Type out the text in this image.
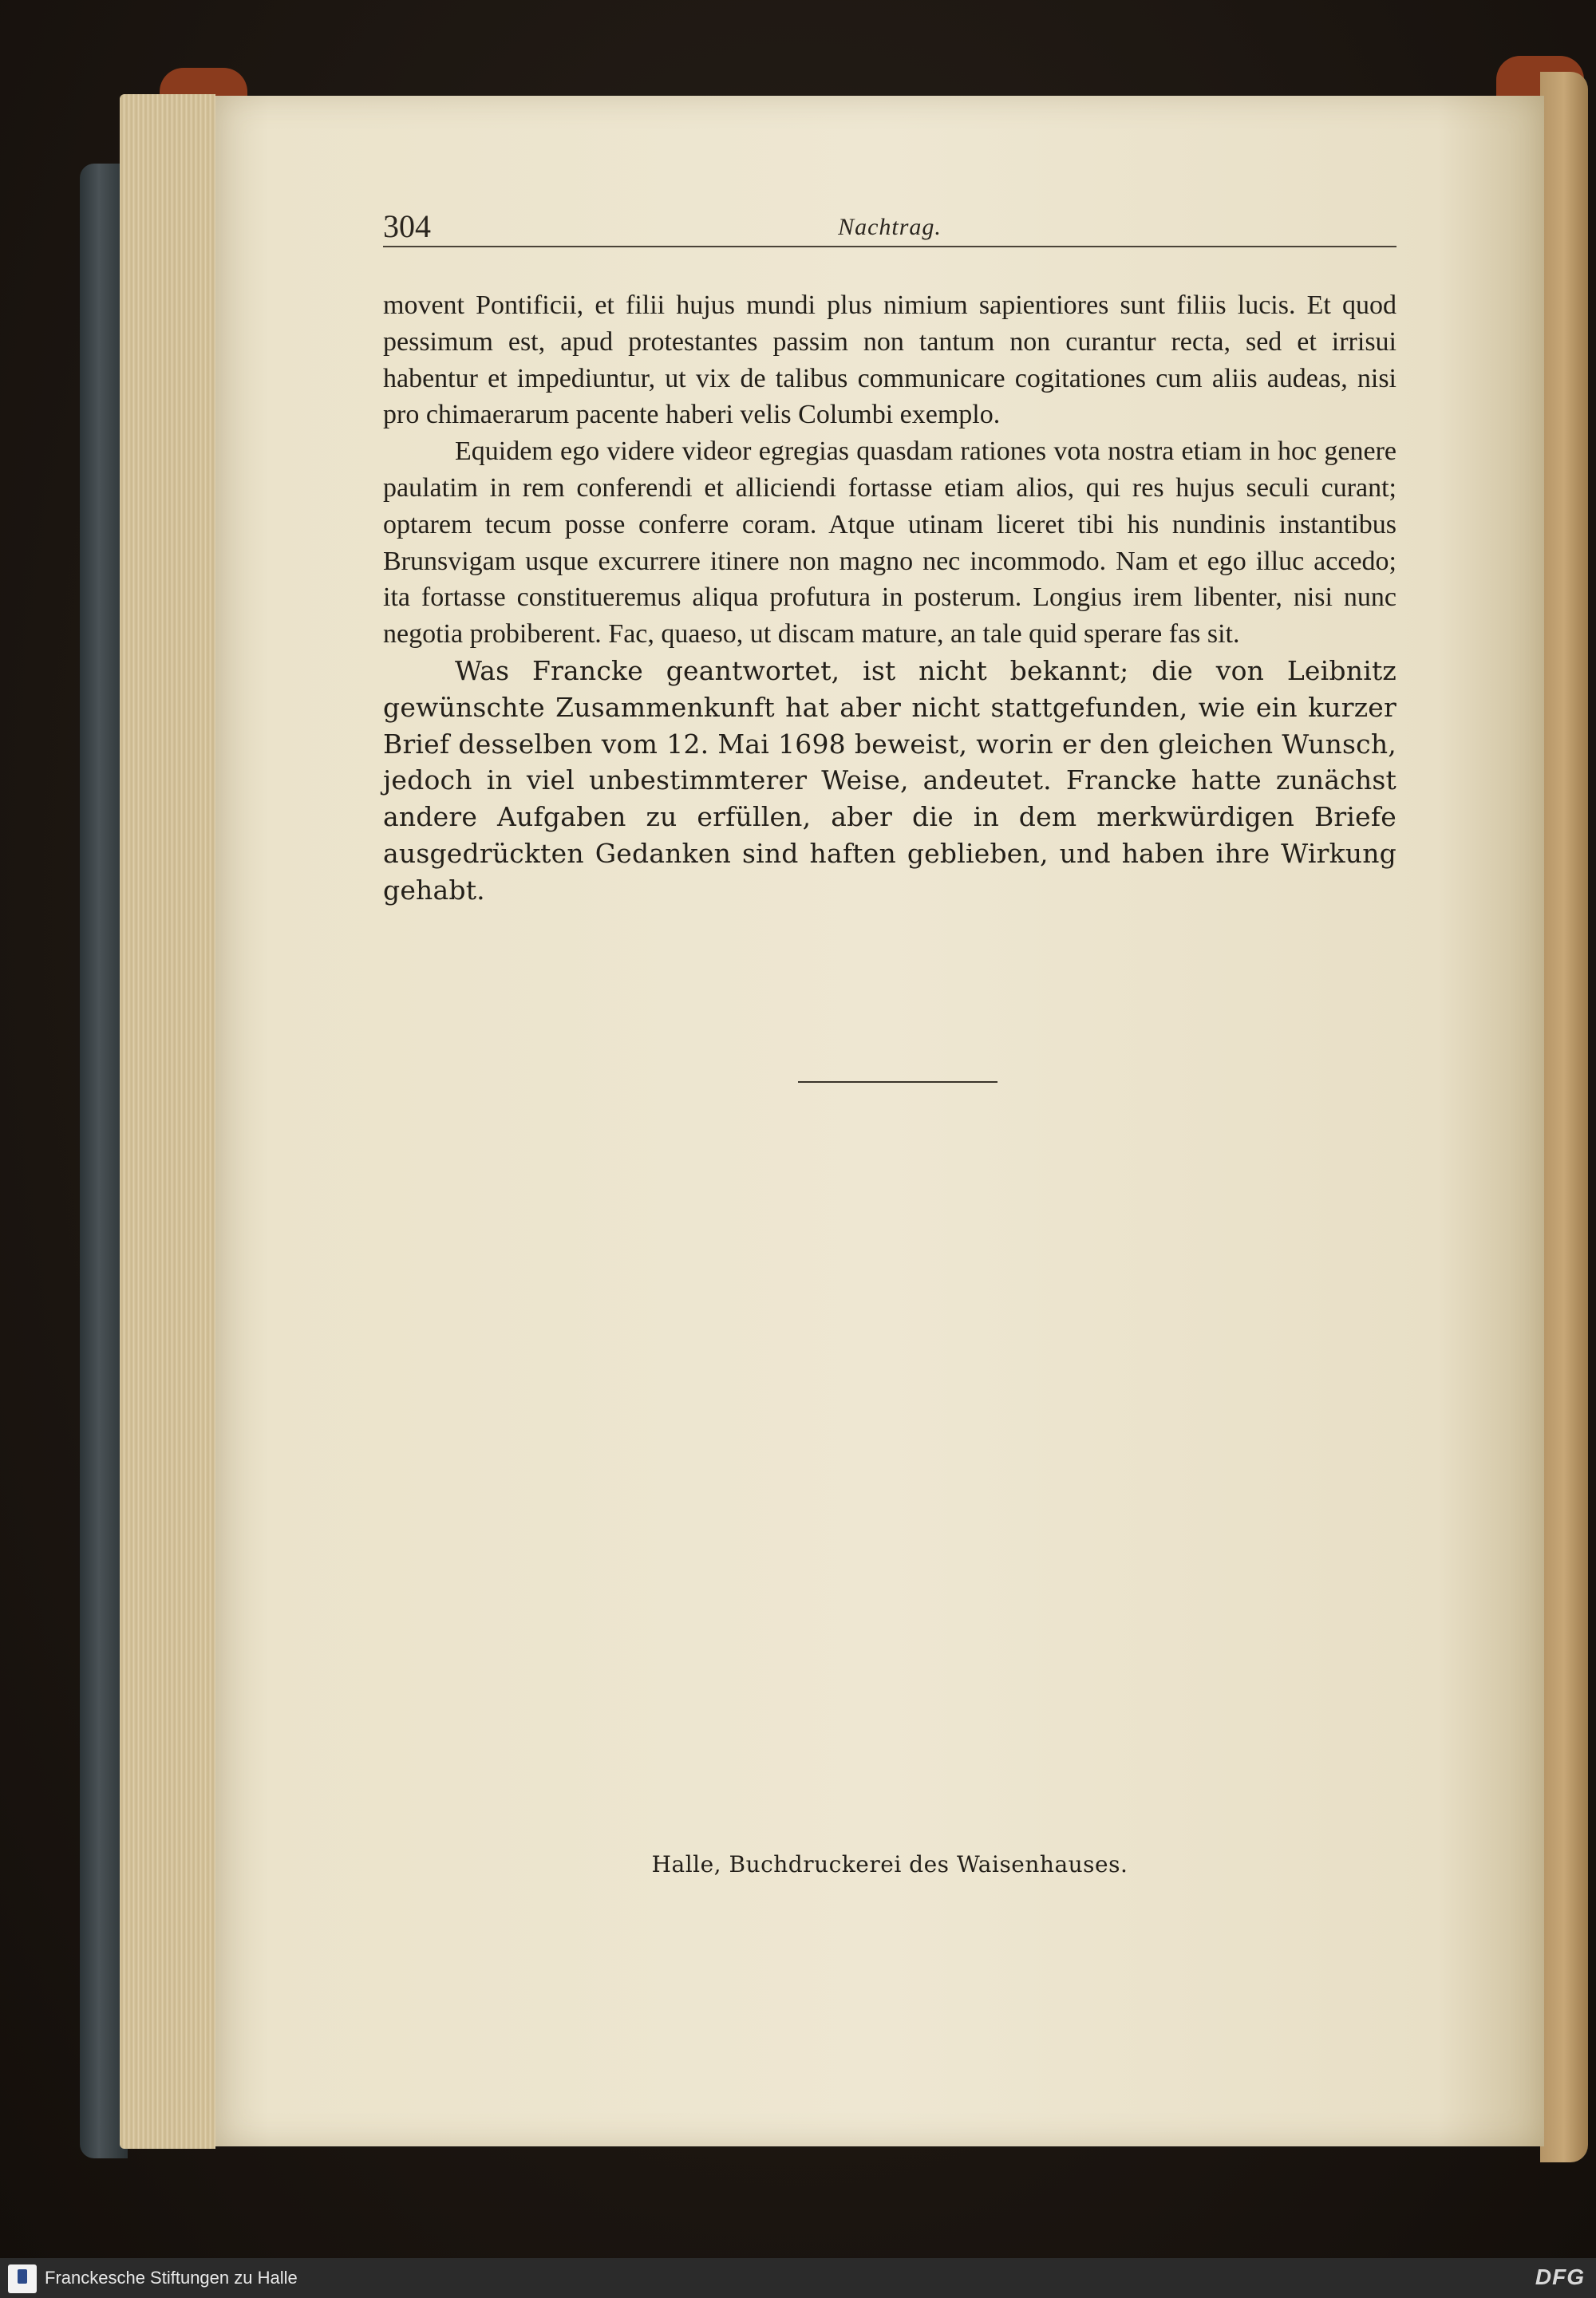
304	Nachtrag.

movent Pontificii, et filii hujus mundi plus nimium sapientiores sunt filiis lucis. Et quod pessimum est, apud protestantes passim non tantum non curantur recta, sed et irrisui habentur et impediuntur, ut vix de talibus communicare cogitationes cum aliis audeas, nisi pro chimaerarum pacente haberi velis Columbi exemplo.

Equidem ego videre videor egregias quasdam rationes vota nostra etiam in hoc genere paulatim in rem conferendi et alliciendi fortasse etiam alios, qui res hujus seculi curant; optarem tecum posse conferre coram. Atque utinam liceret tibi his nundinis instantibus Brunsvigam usque excurrere itinere non magno nec incommodo. Nam et ego illuc accedo; ita fortasse constitueremus aliqua profutura in posterum. Longius irem libenter, nisi nunc negotia probiberent. Fac, quaeso, ut discam mature, an tale quid sperare fas sit.

Was Francke geantwortet, ist nicht bekannt; die von Leibnitz gewünschte Zusammenkunft hat aber nicht stattgefunden, wie ein kurzer Brief desselben vom 12. Mai 1698 beweist, worin er den gleichen Wunsch, jedoch in viel unbestimmterer Weise, andeutet. Francke hatte zunächst andere Aufgaben zu erfüllen, aber die in dem merkwürdigen Briefe ausgedrückten Gedanken sind haften geblieben, und haben ihre Wirkung gehabt.

Halle, Buchdruckerei des Waisenhauses.
Franckesche Stiftungen zu Halle	DFG
